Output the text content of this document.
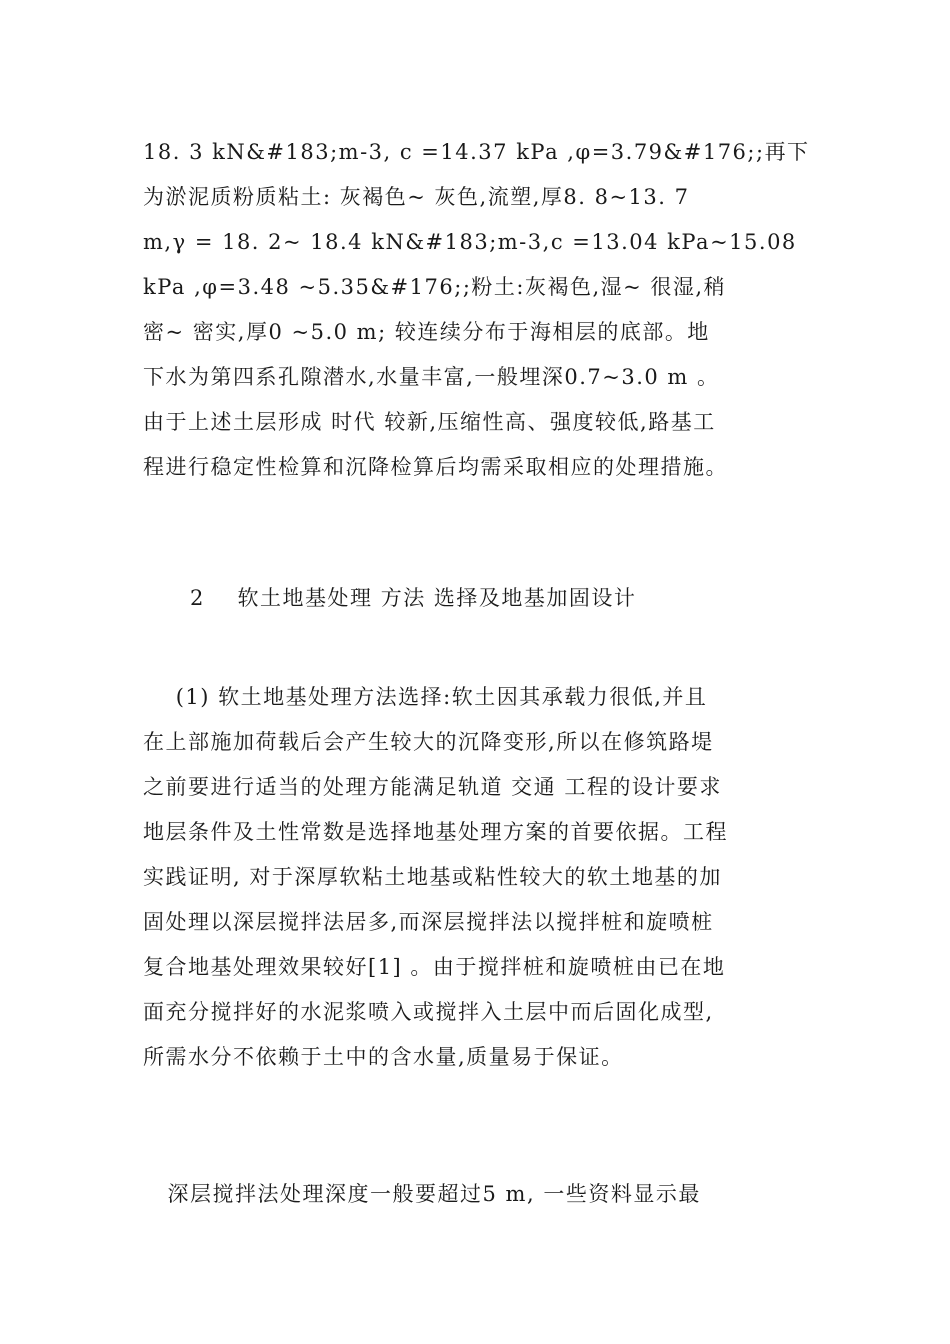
18. 3 kN&#183;m-3, c =14.37 kPa ,φ=3.79&#176;;再下
为淤泥质粉质粘土: 灰褐色~ 灰色,流塑,厚8. 8~13. 7
m,γ = 18. 2~ 18.4 kN&#183;m-3,c =13.04 kPa~15.08
kPa ,φ=3.48 ~5.35&#176;;粉土:灰褐色,湿~ 很湿,稍
密~ 密实,厚0 ~5.0 m; 较连续分布于海相层的底部。地
下水为第四系孔隙潜水,水量丰富,一般埋深0.7~3.0 m 。
由于上述土层形成 时代 较新,压缩性高、强度较低,路基工
程进行稳定性检算和沉降检算后均需采取相应的处理措施。
2    软土地基处理 方法 选择及地基加固设计
(1) 软土地基处理方法选择:软土因其承载力很低,并且
在上部施加荷载后会产生较大的沉降变形,所以在修筑路堤
之前要进行适当的处理方能满足轨道 交通 工程的设计要求
地层条件及土性常数是选择地基处理方案的首要依据。工程
实践证明, 对于深厚软粘土地基或粘性较大的软土地基的加
固处理以深层搅拌法居多,而深层搅拌法以搅拌桩和旋喷桩
复合地基处理效果较好[1] 。由于搅拌桩和旋喷桩由已在地
面充分搅拌好的水泥浆喷入或搅拌入土层中而后固化成型,
所需水分不依赖于土中的含水量,质量易于保证。
深层搅拌法处理深度一般要超过5 m, 一些资料显示最
